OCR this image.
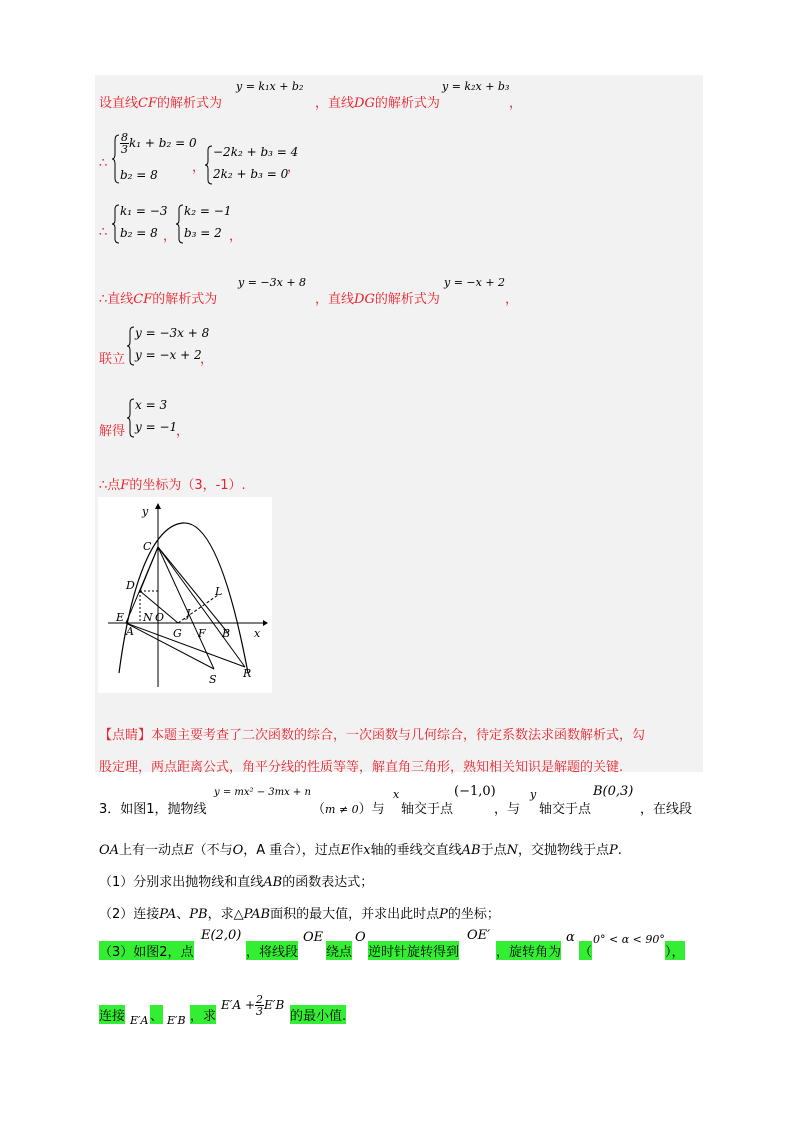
设直线CF的解析式为
y = k₁x + b₂
，直线DG的解析式为
y = k₂x + b₃
，
∴
$\frac{8}{3} k_1 + b_2 = 0$
b₂ = 8	，
−2k₂ + b₃ = 4
2k₂ + b₃ = 0
，
∴
k₁ = −3
b₂ = 8 ，
k₂ = −1
b₃ = 2 ，
∴直线CF的解析式为
y = −3x + 8
，直线DG的解析式为
y = −x + 2
，
联立
y = −3x + 8
y = −x + 2
，
解得
x = 3
y = −1
，
∴点F的坐标为（3，-1）.
y
x
C
D
E N O
A	G F B
L
J
S R
【点睛】本题主要考查了二次函数的综合，一次函数与几何综合，待定系数法求函数解析式，勾
股定理，两点距离公式，角平分线的性质等等，解直角三角形，熟知相关知识是解题的关键.
3．如图1，抛物线
y = mx² − 3mx + n
（m ≠ 0）与
x
轴交于点
(−1,0)
，与
y
轴交于点
B(0,3)
，在线段
OA上有一动点E（不与O，A 重合），过点E作x轴的垂线交直线AB于点N，交抛物线于点P.
（1）分别求出抛物线和直线AB的函数表达式；
（2）连接PA、PB，求△PAB面积的最大值，并求出此时点P的坐标；
（3）如图2，点
E(2,0)
，将线段
OE
绕点
O
逆时针旋转得到
OE′
，旋转角为
α
（
0° < α < 90°
），
连接 E′A 、 E′B ，求
$E'A + \frac{2}{3} E'B$
的最小值.
